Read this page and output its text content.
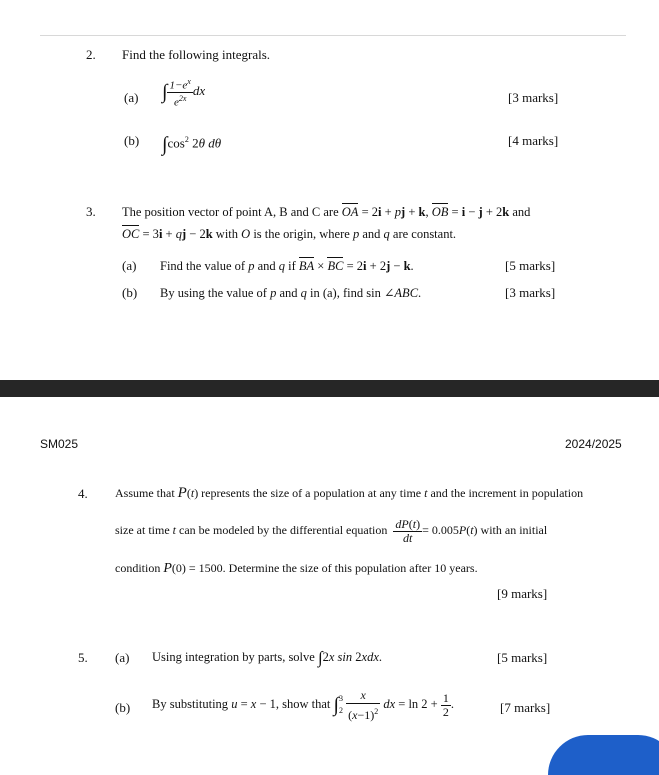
2. Find the following integrals.
(a) ∫ $\frac{1-e^x}{e^{2x}}$ dx	[3 marks]
(b) $\int\cos^2$ 2θ dθ	[4 marks]
3. The position vector of point A, B and C are OA = 2i + pj + k, OB = i − j + 2k and
OC = 3i + qj − 2k with O is the origin, where p and q are constant.
(a) Find the value of p and q if BA × BC = 2i + 2j − k.	[5 marks]
(b) By using the value of p and q in (a), find sin ∠ABC.	[3 marks]
SM025	2024/2025
4. Assume that P(t) represents the size of a population at any time t and the increment in population
size at time t can be modeled by the differential equation $\frac{dP(t)}{dt} = 0.005P(t)$ with an initial
condition P(0) = 1500. Determine the size of this population after 10 years.
[9 marks]
5. (a) Using integration by parts, solve ∫2x sin 2xdx.	[5 marks]
(b) By substituting u = x − 1, show that ∫3
$2 \frac{x}{(x-1)^2}$ dx = $\ln 2 + \frac{1}{2}$ .	[7 marks]
